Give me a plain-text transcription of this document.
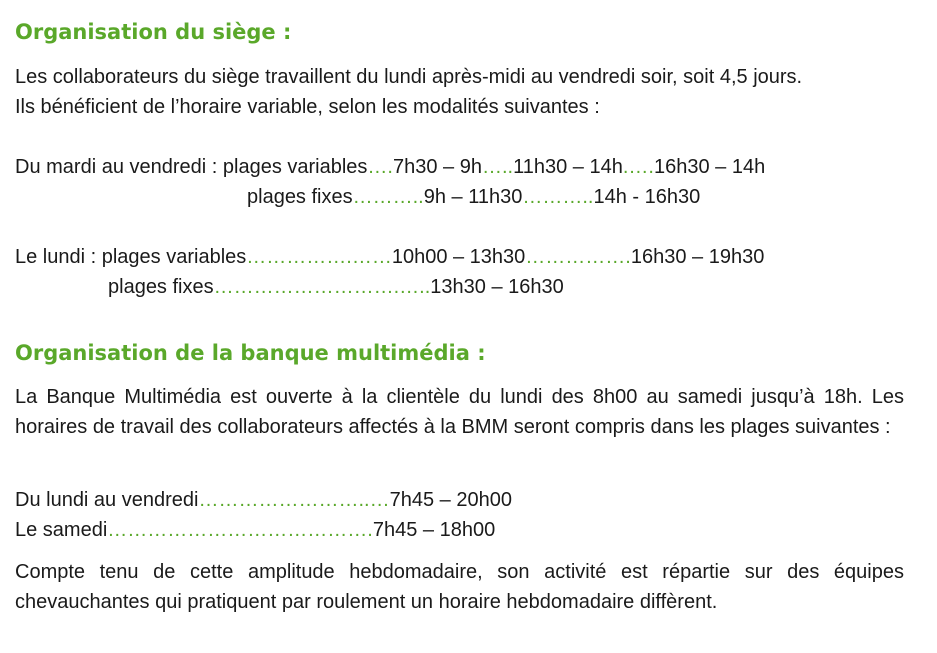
Organisation du siège :

Les collaborateurs du siège travaillent du lundi après-midi au vendredi soir, soit 4,5 jours.

Ils bénéficient de l’horaire variable, selon les modalités suivantes :

Du mardi au vendredi : plages variables….7h30 – 9h…..11h30 – 14h.….16h30 – 14h

plages fixes………..9h – 11h30………..14h - 16h30

Le lundi : plages variables…………….……10h00 – 13h30…………….16h30 – 19h30

plages fixes……………………….…..13h30 – 16h30

Organisation de la banque multimédia :

La Banque Multimédia est ouverte à la clientèle du lundi des 8h00 au samedi jusqu’à 18h. Les horaires de travail des collaborateurs affectés à la BMM seront compris dans les plages suivantes :

Du lundi au vendredi……………………..…7h45 – 20h00

Le samedi………………………………….7h45 – 18h00

Compte tenu de cette amplitude hebdomadaire, son activité est répartie sur des équipes chevauchantes qui pratiquent par roulement un horaire hebdomadaire diffèrent.
